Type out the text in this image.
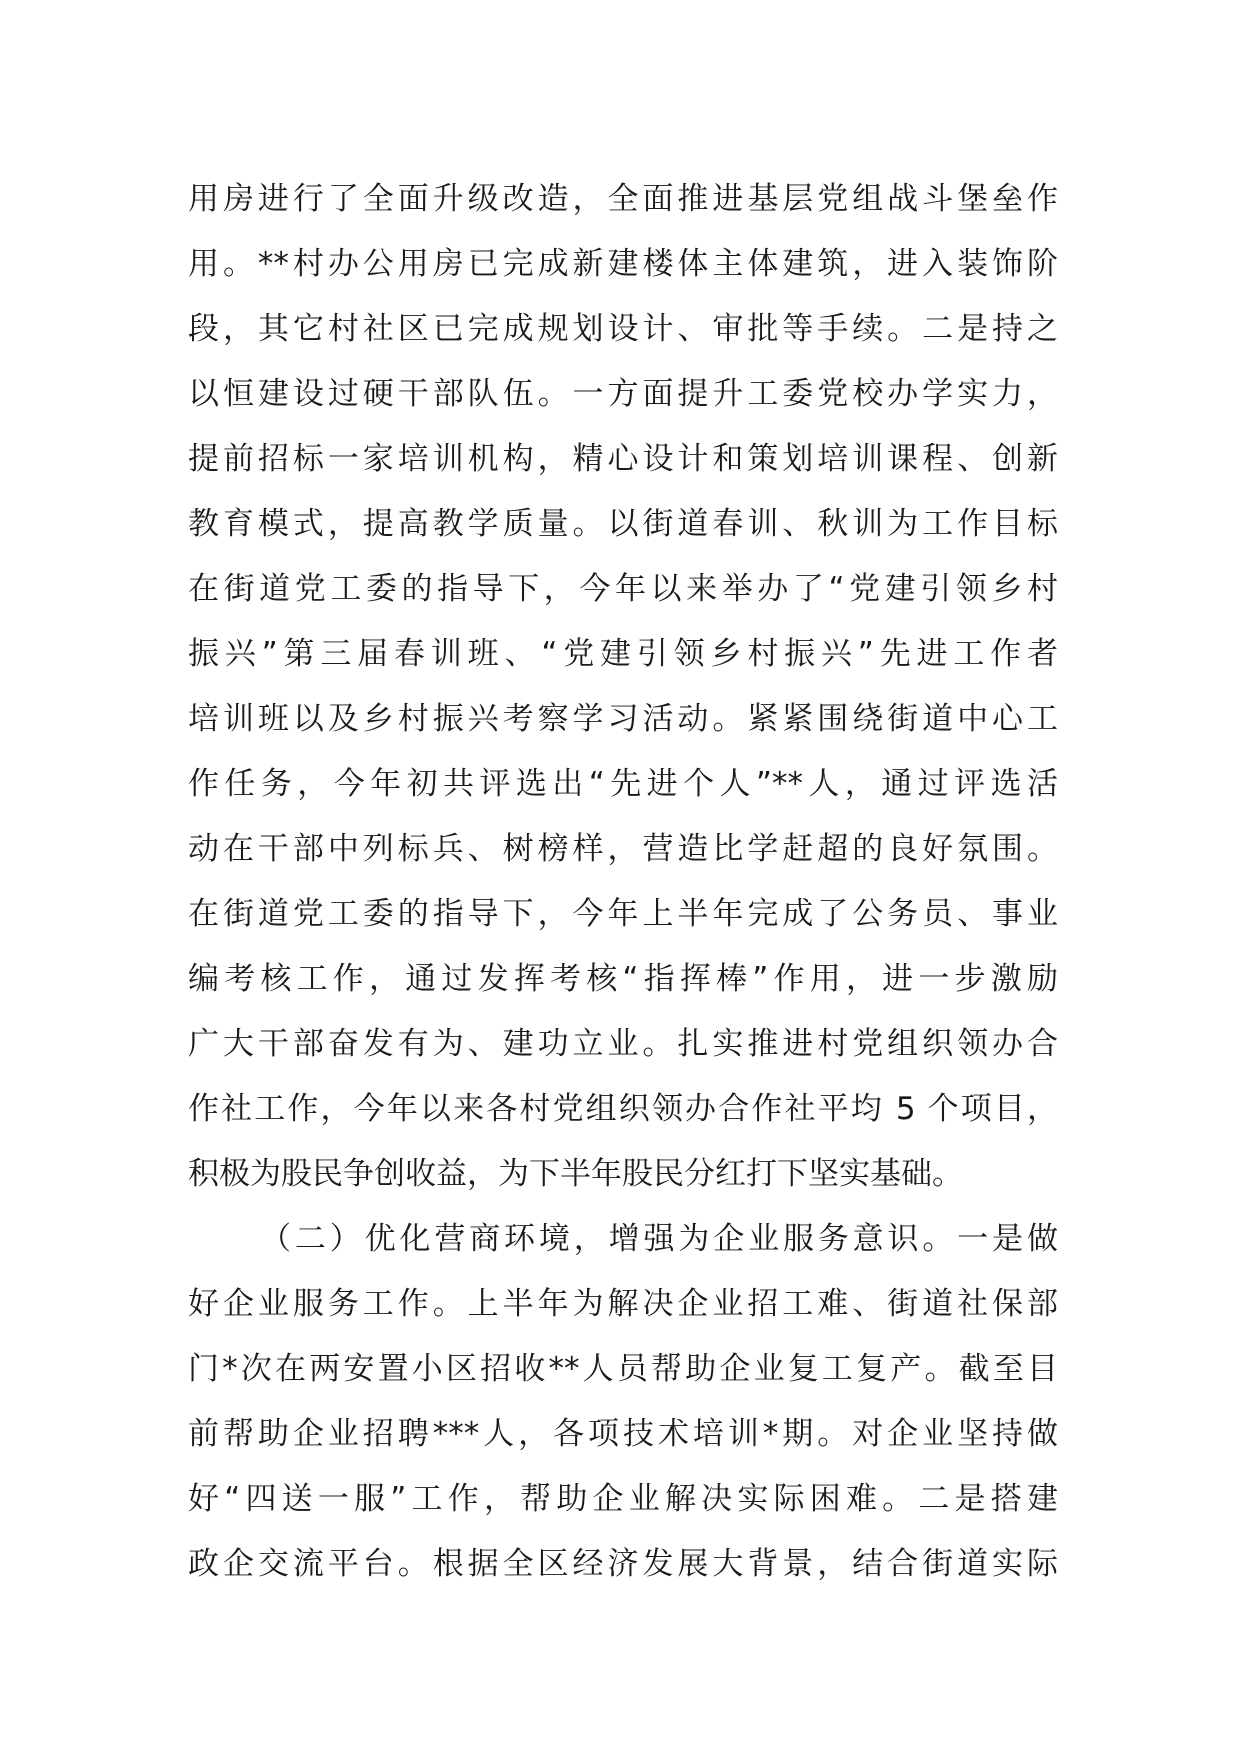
用房进行了全面升级改造，全面推进基层党组战斗堡垒作
用。**村办公用房已完成新建楼体主体建筑，进入装饰阶
段，其它村社区已完成规划设计、审批等手续。二是持之
以恒建设过硬干部队伍。一方面提升工委党校办学实力，
提前招标一家培训机构，精心设计和策划培训课程、创新
教育模式，提高教学质量。以街道春训、秋训为工作目标
在街道党工委的指导下，今年以来举办了“党建引领乡村
振兴”第三届春训班、“党建引领乡村振兴”先进工作者
培训班以及乡村振兴考察学习活动。紧紧围绕街道中心工
作任务，今年初共评选出“先进个人”**人，通过评选活
动在干部中列标兵、树榜样，营造比学赶超的良好氛围。
在街道党工委的指导下，今年上半年完成了公务员、事业
编考核工作，通过发挥考核“指挥棒”作用，进一步激励
广大干部奋发有为、建功立业。扎实推进村党组织领办合
作社工作，今年以来各村党组织领办合作社平均 5 个项目，
积极为股民争创收益，为下半年股民分红打下坚实基础。
（二）优化营商环境，增强为企业服务意识。一是做
好企业服务工作。上半年为解决企业招工难、街道社保部
门*次在两安置小区招收**人员帮助企业复工复产。截至目
前帮助企业招聘***人，各项技术培训*期。对企业坚持做
好“四送一服”工作，帮助企业解决实际困难。二是搭建
政企交流平台。根据全区经济发展大背景，结合街道实际
